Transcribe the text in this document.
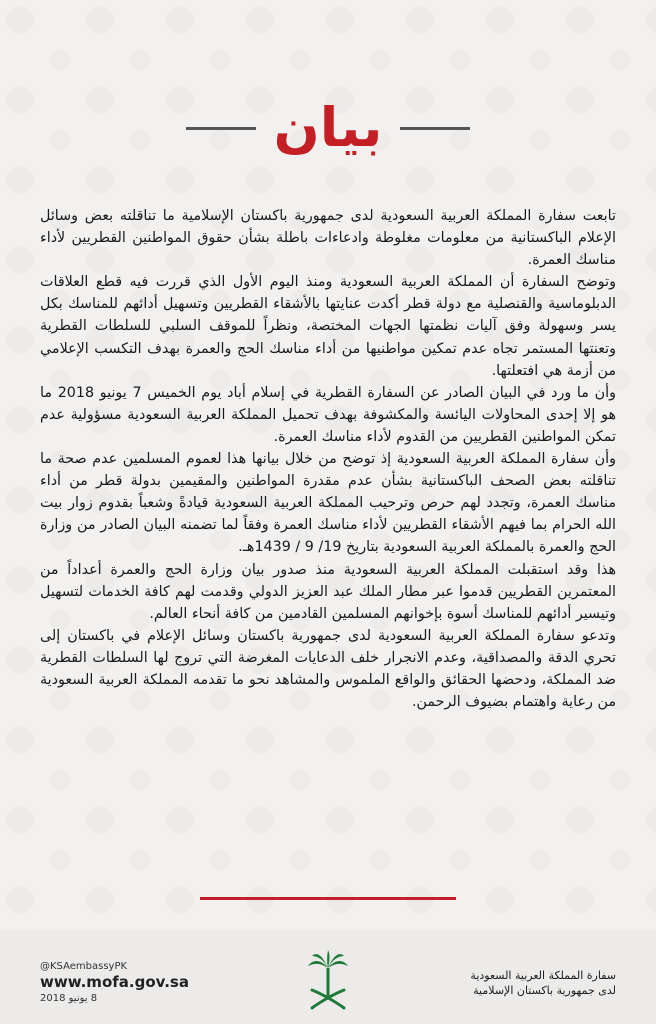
بيان

تابعت سفارة المملكة العربية السعودية لدى جمهورية باكستان الإسلامية ما تناقلته بعض وسائل الإعلام الباكستانية من معلومات مغلوطة وادعاءات باطلة بشأن حقوق المواطنين القطريين لأداء مناسك العمرة.

وتوضح السفارة أن المملكة العربية السعودية ومنذ اليوم الأول الذي قررت فيه قطع العلاقات الدبلوماسية والقنصلية مع دولة قطر أكدت عنايتها بالأشقاء القطريين وتسهيل أدائهم للمناسك بكل يسر وسهولة وفق آليات نظمتها الجهات المختصة، ونظراً للموقف السلبي للسلطات القطرية وتعنتها المستمر تجاه عدم تمكين مواطنيها من أداء مناسك الحج والعمرة بهدف التكسب الإعلامي من أزمة هي افتعلتها.

وأن ما ورد في البيان الصادر عن السفارة القطرية في إسلام أباد يوم الخميس 7 يونيو 2018 ما هو إلا إحدى المحاولات اليائسة والمكشوفة بهدف تحميل المملكة العربية السعودية مسؤولية عدم تمكن المواطنين القطريين من القدوم لأداء مناسك العمرة.

وأن سفارة المملكة العربية السعودية إذ توضح من خلال بيانها هذا لعموم المسلمين عدم صحة ما تناقلته بعض الصحف الباكستانية بشأن عدم مقدرة المواطنين والمقيمين بدولة قطر من أداء مناسك العمرة، وتجدد لهم حرص وترحيب المملكة العربية السعودية قيادةً وشعباً بقدوم زوار بيت الله الحرام بما فيهم الأشقاء القطريين لأداء مناسك العمرة وفقاً لما تضمنه البيان الصادر من وزارة الحج والعمرة بالمملكة العربية السعودية بتاريخ 19/ 9 / 1439هـ.

هذا وقد استقبلت المملكة العربية السعودية منذ صدور بيان وزارة الحج والعمرة أعداداً من المعتمرين القطريين قدموا عبر مطار الملك عبد العزيز الدولي وقدمت لهم كافة الخدمات لتسهيل وتيسير أدائهم للمناسك أسوة بإخوانهم المسلمين القادمين من كافة أنحاء العالم.

وتدعو سفارة المملكة العربية السعودية لدى جمهورية باكستان وسائل الإعلام في باكستان إلى تحري الدقة والمصداقية، وعدم الانجرار خلف الدعايات المغرضة التي تروج لها السلطات القطرية ضد المملكة، ودحضها الحقائق والواقع الملموس والمشاهد نحو ما تقدمه المملكة العربية السعودية من رعاية واهتمام بضيوف الرحمن.

@KSAembassyPK
www.mofa.gov.sa
8 يونيو 2018
سفارة المملكة العربية السعودية
لدى جمهورية باكستان الإسلامية
